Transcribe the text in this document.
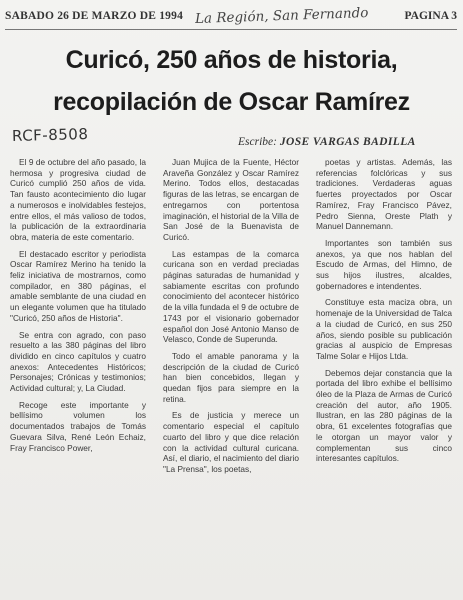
SABADO 26 DE MARZO DE 1994 La Región, San Fernando	PAGINA 3
Curicó, 250 años de historia,
recopilación de Oscar Ramírez
RCF-8508	Escribe: JOSE VARGAS BADILLA

El 9 de octubre del año pasado, la hermosa y progresiva ciudad de Curicó cumplió 250 años de vida. Tan fausto acontecimiento dio lugar a numerosos e inolvidables festejos, entre ellos, el más valioso de todos, la publicación de la extraordinaria obra, materia de este comentario.

El destacado escritor y periodista Oscar Ramírez Merino ha tenido la feliz iniciativa de mostrarnos, como compilador, en 380 páginas, el amable semblante de una ciudad en un elegante volumen que ha titulado "Curicó, 250 años de Historia".

Se entra con agrado, con paso resuelto a las 380 páginas del libro dividido en cinco capítulos y cuatro anexos: Antecedentes Históricos; Personajes; Crónicas y testimonios; Actividad cultural; y, La Ciudad.

Recoge este importante y bellísimo volumen los documentados trabajos de Tomás Guevara Silva, René León Echaiz, Fray Francisco Power,

Juan Mujica de la Fuente, Héctor Araveña González y Oscar Ramírez Merino. Todos ellos, destacadas figuras de las letras, se encargan de entregarnos con portentosa imaginación, el historial de la Villa de San José de la Buenavista de Curicó.

Las estampas de la comarca curicana son en verdad preciadas páginas saturadas de humanidad y sabiamente escritas con profundo conocimiento del acontecer histórico de la villa fundada el 9 de octubre de 1743 por el visionario gobernador español don José Antonio Manso de Velasco, Conde de Superunda.

Todo el amable panorama y la descripción de la ciudad de Curicó han bien concebidos, llegan y quedan fijos para siempre en la retina.

Es de justicia y merece un comentario especial el capítulo cuarto del libro y que dice relación con la actividad cultural curicana. Así, el diario, el nacimiento del diario "La Prensa", los poetas,

poetas y artistas. Además, las referencias folclóricas y sus tradiciones. Verdaderas aguas fuertes proyectados por Oscar Ramírez, Fray Francisco Pávez, Pedro Sienna, Oreste Plath y Manuel Dannemann.

Importantes son también sus anexos, ya que nos hablan del Escudo de Armas, del Himno, de sus hijos ilustres, alcaldes, gobernadores e intendentes.

Constituye esta maciza obra, un homenaje de la Universidad de Talca a la ciudad de Curicó, en sus 250 años, siendo posible su publicación gracias al auspicio de Empresas Talme Solar e Hijos Ltda.

Debemos dejar constancia que la portada del libro exhibe el bellísimo óleo de la Plaza de Armas de Curicó creación del autor, año 1905. Ilustran, en las 280 páginas de la obra, 61 excelentes fotografías que le otorgan un mayor valor y complementan sus cinco interesantes capítulos.
